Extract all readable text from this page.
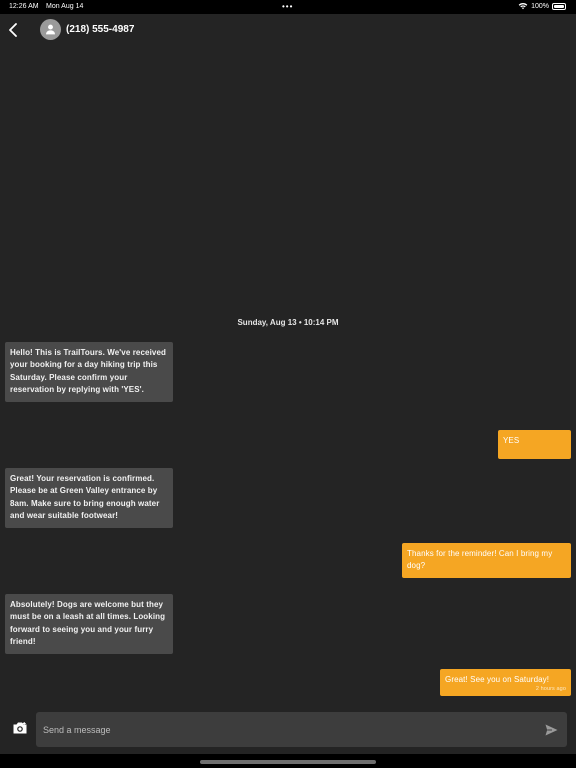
12:26 AM Mon Aug 14	•••	100%
(218) 555-4987
Sunday, Aug 13 • 10:14 PM
Hello! This is TrailTours. We've received your booking for a day hiking trip this Saturday. Please confirm your reservation by replying with 'YES'.
YES
Great! Your reservation is confirmed. Please be at Green Valley entrance by 8am. Make sure to bring enough water and wear suitable footwear!
Thanks for the reminder! Can I bring my dog?
Absolutely! Dogs are welcome but they must be on a leash at all times. Looking forward to seeing you and your furry friend!
Great! See you on Saturday!
2 hours ago
Send a message
